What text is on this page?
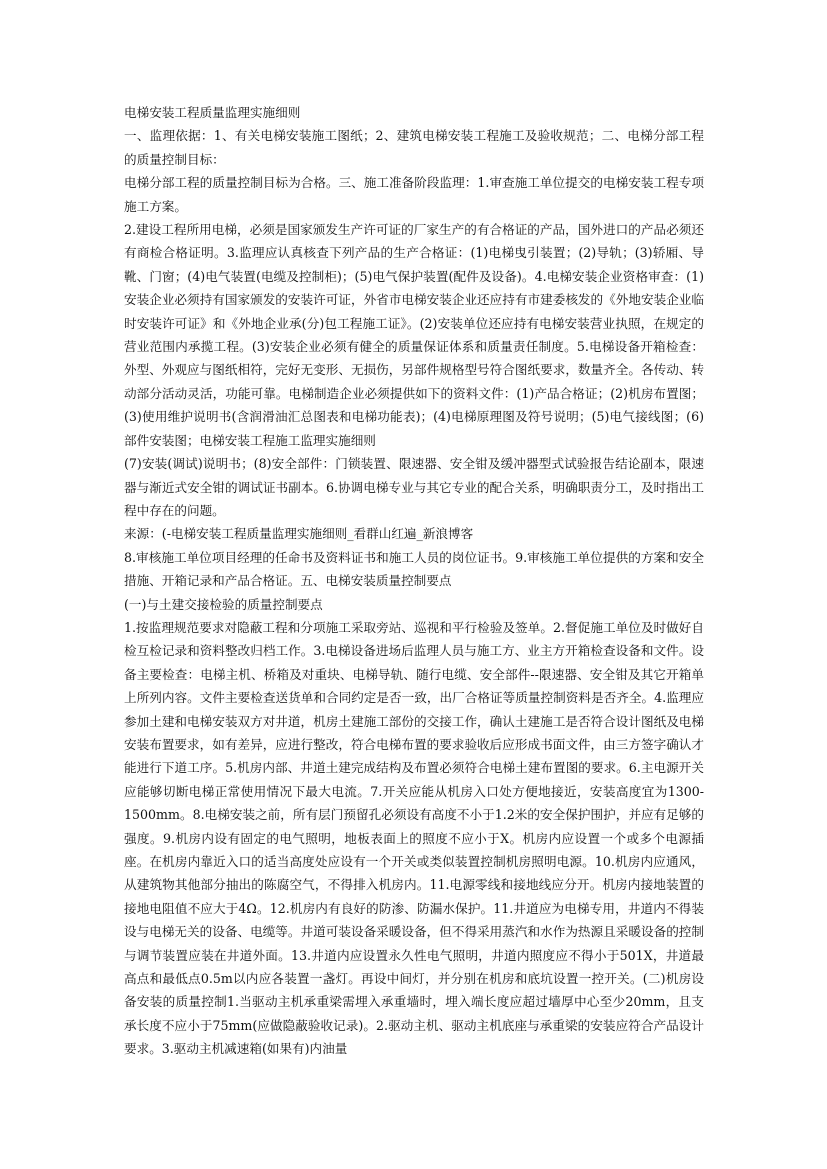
电梯安装工程质量监理实施细则

一、监理依据：1、有关电梯安装施工图纸；2、建筑电梯安装工程施工及验收规范；二、电梯分部工程的质量控制目标：

电梯分部工程的质量控制目标为合格。三、施工准备阶段监理：1.审查施工单位提交的电梯安装工程专项施工方案。

2.建设工程所用电梯，必须是国家颁发生产许可证的厂家生产的有合格证的产品，国外进口的产品必须还有商检合格证明。3.监理应认真核查下列产品的生产合格证：(1)电梯曳引装置；(2)导轨；(3)轿厢、导靴、门窗；(4)电气装置(电缆及控制柜)；(5)电气保护装置(配件及设备)。4.电梯安装企业资格审查：(1)安装企业必须持有国家颁发的安装许可证，外省市电梯安装企业还应持有市建委核发的《外地安装企业临时安装许可证》和《外地企业承(分)包工程施工证》。(2)安装单位还应持有电梯安装营业执照，在规定的营业范围内承揽工程。(3)安装企业必须有健全的质量保证体系和质量责任制度。5.电梯设备开箱检查：外型、外观应与图纸相符，完好无变形、无损伤，另部件规格型号符合图纸要求，数量齐全。各传动、转动部分活动灵活，功能可靠。电梯制造企业必须提供如下的资料文件：(1)产品合格证；(2)机房布置图；(3)使用维护说明书(含润滑油汇总图表和电梯功能表)；(4)电梯原理图及符号说明；(5)电气接线图；(6)部件安装图；电梯安装工程施工监理实施细则

(7)安装(调试)说明书；(8)安全部件：门锁装置、限速器、安全钳及缓冲器型式试验报告结论副本，限速器与渐近式安全钳的调试证书副本。6.协调电梯专业与其它专业的配合关系，明确职责分工，及时指出工程中存在的问题。

来源：(-电梯安装工程质量监理实施细则_看群山红遍_新浪博客

8.审核施工单位项目经理的任命书及资料证书和施工人员的岗位证书。9.审核施工单位提供的方案和安全措施、开箱记录和产品合格证。五、电梯安装质量控制要点

(一)与土建交接检验的质量控制要点

1.按监理规范要求对隐蔽工程和分项施工采取旁站、巡视和平行检验及签单。2.督促施工单位及时做好自检互检记录和资料整改归档工作。3.电梯设备进场后监理人员与施工方、业主方开箱检查设备和文件。设备主要检查：电梯主机、桥箱及对重块、电梯导轨、随行电缆、安全部件--限速器、安全钳及其它开箱单上所列内容。文件主要检查送货单和合同约定是否一致，出厂合格证等质量控制资料是否齐全。4.监理应参加土建和电梯安装双方对井道，机房土建施工部份的交接工作，确认土建施工是否符合设计图纸及电梯安装布置要求，如有差异，应进行整改，符合电梯布置的要求验收后应形成书面文件，由三方签字确认才能进行下道工序。5.机房内部、井道土建完成结构及布置必须符合电梯土建布置图的要求。6.主电源开关应能够切断电梯正常使用情况下最大电流。7.开关应能从机房入口处方便地接近，安装高度宜为1300-1500mm。8.电梯安装之前，所有层门预留孔必须设有高度不小于1.2米的安全保护围护，并应有足够的强度。9.机房内设有固定的电气照明，地板表面上的照度不应小于X。机房内应设置一个或多个电源插座。在机房内靠近入口的适当高度处应设有一个开关或类似装置控制机房照明电源。10.机房内应通风，从建筑物其他部分抽出的陈腐空气，不得排入机房内。11.电源零线和接地线应分开。机房内接地装置的接地电阻值不应大于4Ω。12.机房内有良好的防渗、防漏水保护。11.井道应为电梯专用，井道内不得装设与电梯无关的设备、电缆等。井道可装设备采暖设备，但不得采用蒸汽和水作为热源且采暖设备的控制与调节装置应装在井道外面。13.井道内应设置永久性电气照明，井道内照度应不得小于501X，井道最高点和最低点0.5m以内应各装置一盏灯。再设中间灯，并分别在机房和底坑设置一控开关。(二)机房设备安装的质量控制1.当驱动主机承重梁需埋入承重墙时，埋入端长度应超过墙厚中心至少20mm，且支承长度不应小于75mm(应做隐蔽验收记录)。2.驱动主机、驱动主机底座与承重梁的安装应符合产品设计要求。3.驱动主机减速箱(如果有)内油量
